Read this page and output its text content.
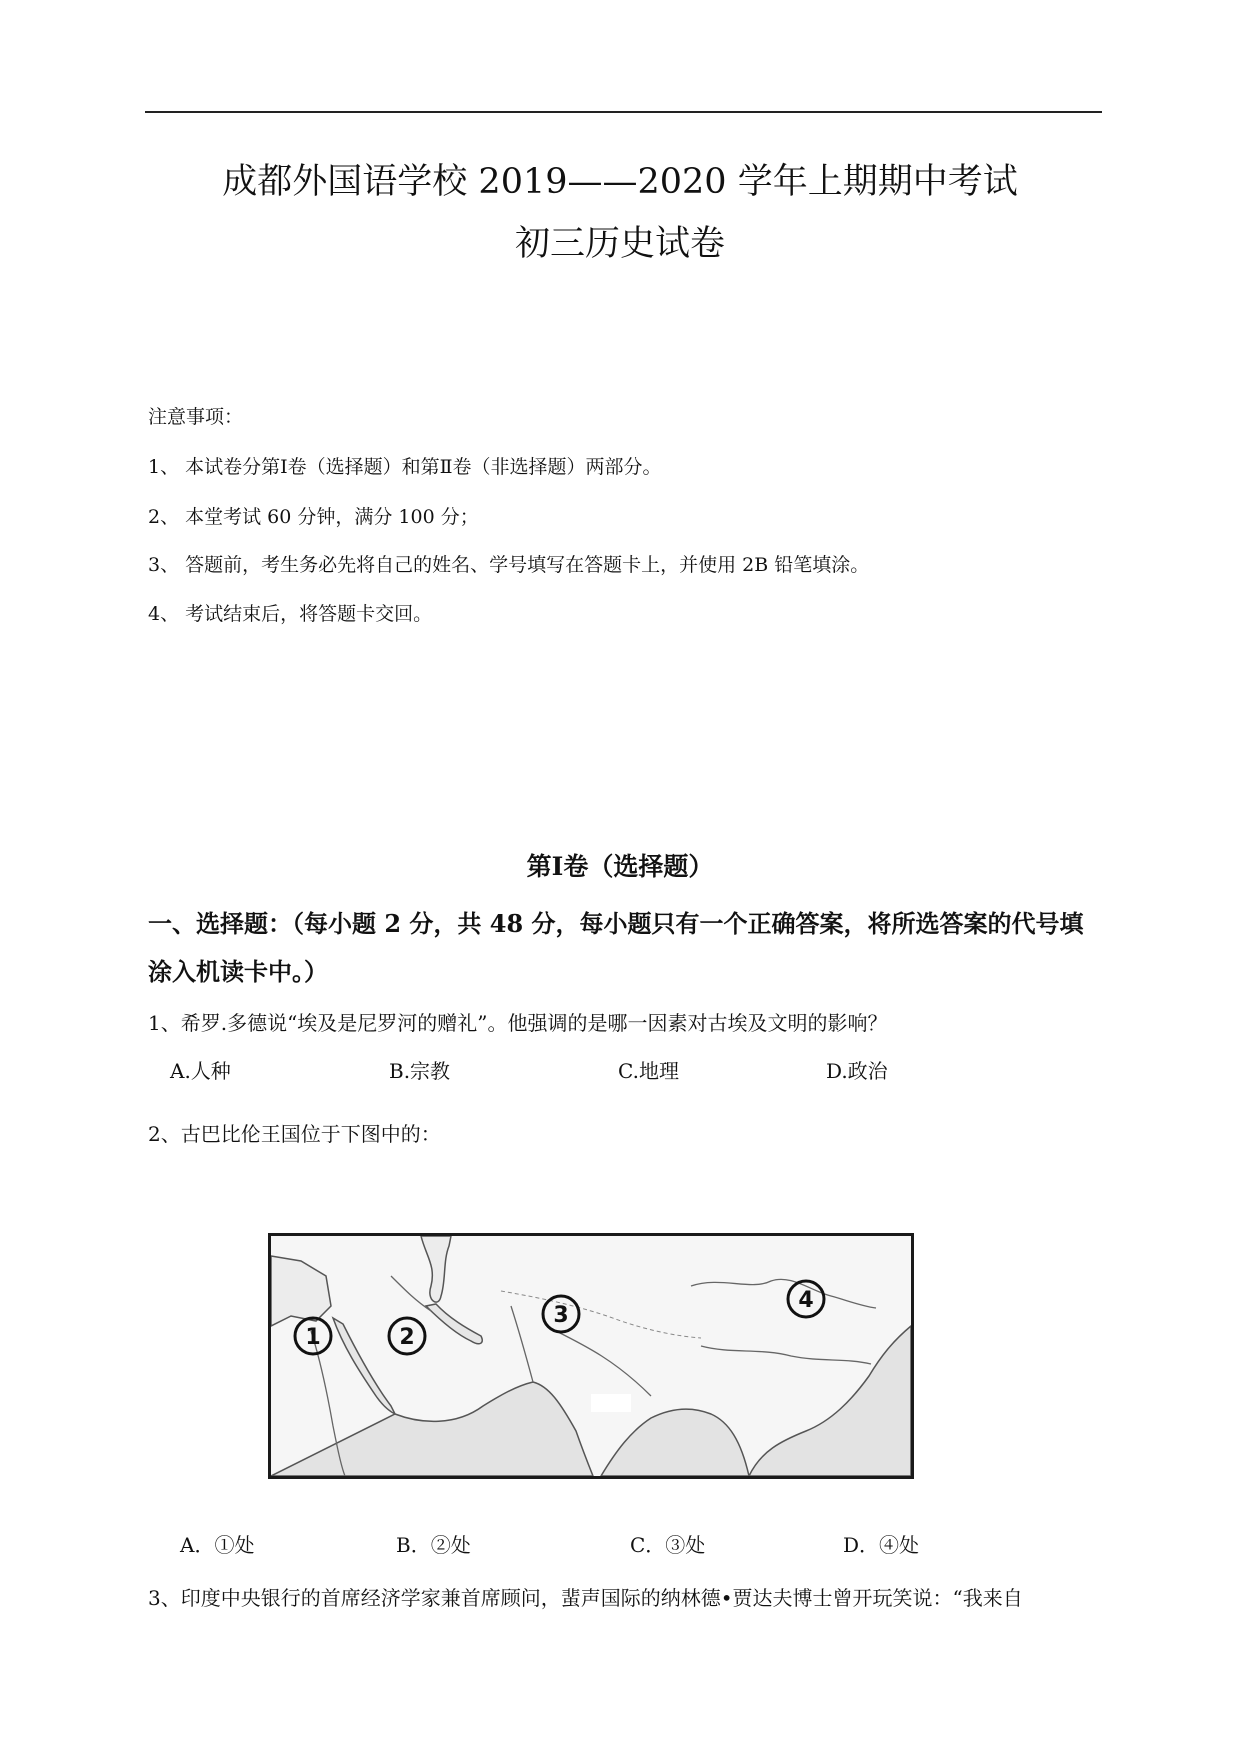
成都外国语学校 2019——2020 学年上期期中考试
初三历史试卷
注意事项：
1、 本试卷分第Ⅰ卷（选择题）和第Ⅱ卷（非选择题）两部分。
2、 本堂考试 60 分钟，满分 100 分；
3、 答题前，考生务必先将自己的姓名、学号填写在答题卡上，并使用 2B 铅笔填涂。
4、 考试结束后，将答题卡交回。
第Ⅰ卷（选择题）
一、选择题：（每小题 2 分，共 48 分，每小题只有一个正确答案，将所选答案的代号填
涂入机读卡中。）
1、希罗.多德说“埃及是尼罗河的赠礼”。他强调的是哪一因素对古埃及文明的影响？
A.人种	B.宗教	C.地理	D.政治
2、古巴比伦王国位于下图中的：
1	2
3
4
A．①处	B．②处	C．③处	D．④处
3、印度中央银行的首席经济学家兼首席顾问，蜚声国际的纳林德•贾达夫博士曾开玩笑说：“我来自
